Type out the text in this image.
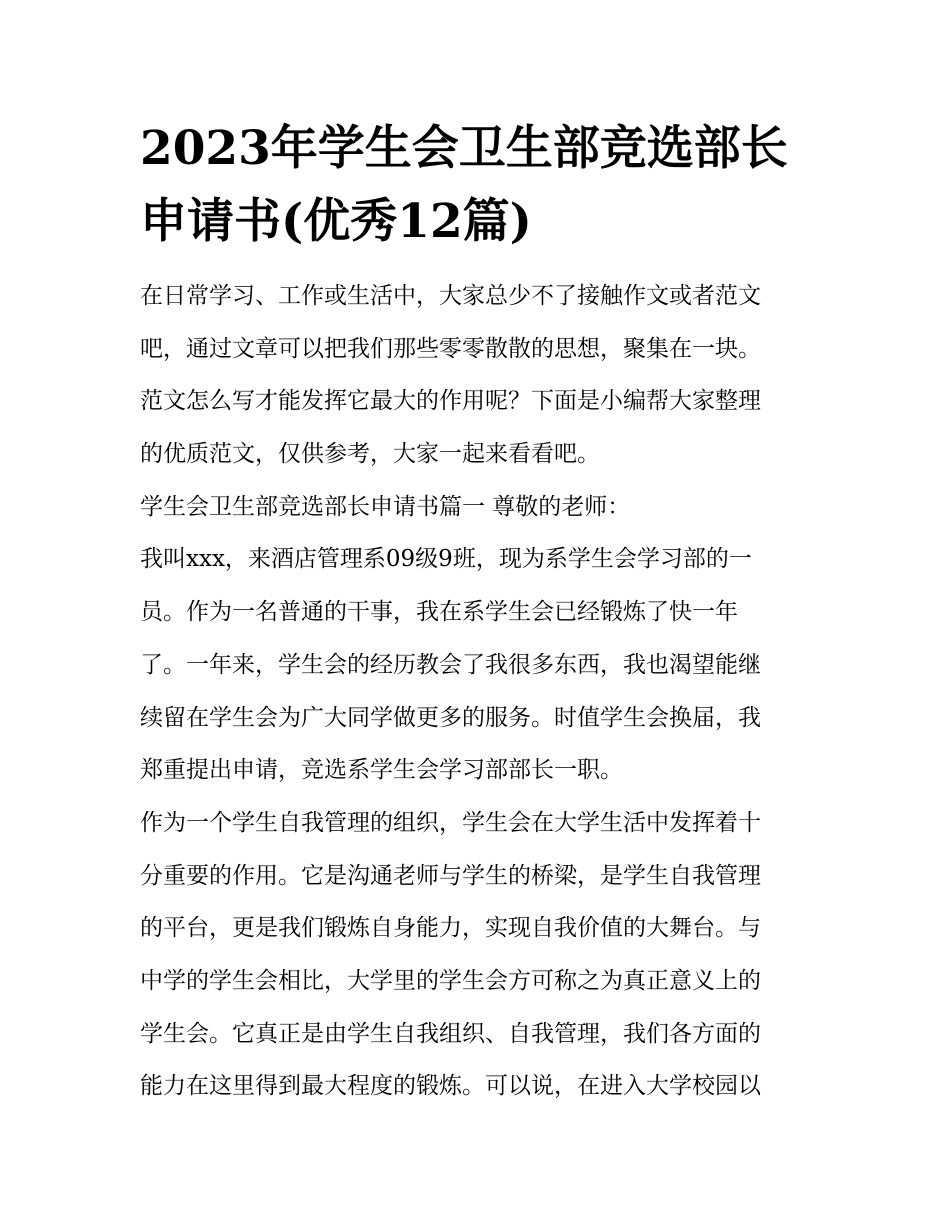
2023年学生会卫生部竞选部长
申请书(优秀12篇)
在日常学习、工作或生活中，大家总少不了接触作文或者范文
吧，通过文章可以把我们那些零零散散的思想，聚集在一块。
范文怎么写才能发挥它最大的作用呢？下面是小编帮大家整理
的优质范文，仅供参考，大家一起来看看吧。
学生会卫生部竞选部长申请书篇一 尊敬的老师：
我叫xxx，来酒店管理系09级9班，现为系学生会学习部的一
员。作为一名普通的干事，我在系学生会已经锻炼了快一年
了。一年来，学生会的经历教会了我很多东西，我也渴望能继
续留在学生会为广大同学做更多的服务。时值学生会换届，我
郑重提出申请，竞选系学生会学习部部长一职。
作为一个学生自我管理的组织，学生会在大学生活中发挥着十
分重要的作用。它是沟通老师与学生的桥梁，是学生自我管理
的平台，更是我们锻炼自身能力，实现自我价值的大舞台。与
中学的学生会相比，大学里的学生会方可称之为真正意义上的
学生会。它真正是由学生自我组织、自我管理，我们各方面的
能力在这里得到最大程度的锻炼。可以说，在进入大学校园以
